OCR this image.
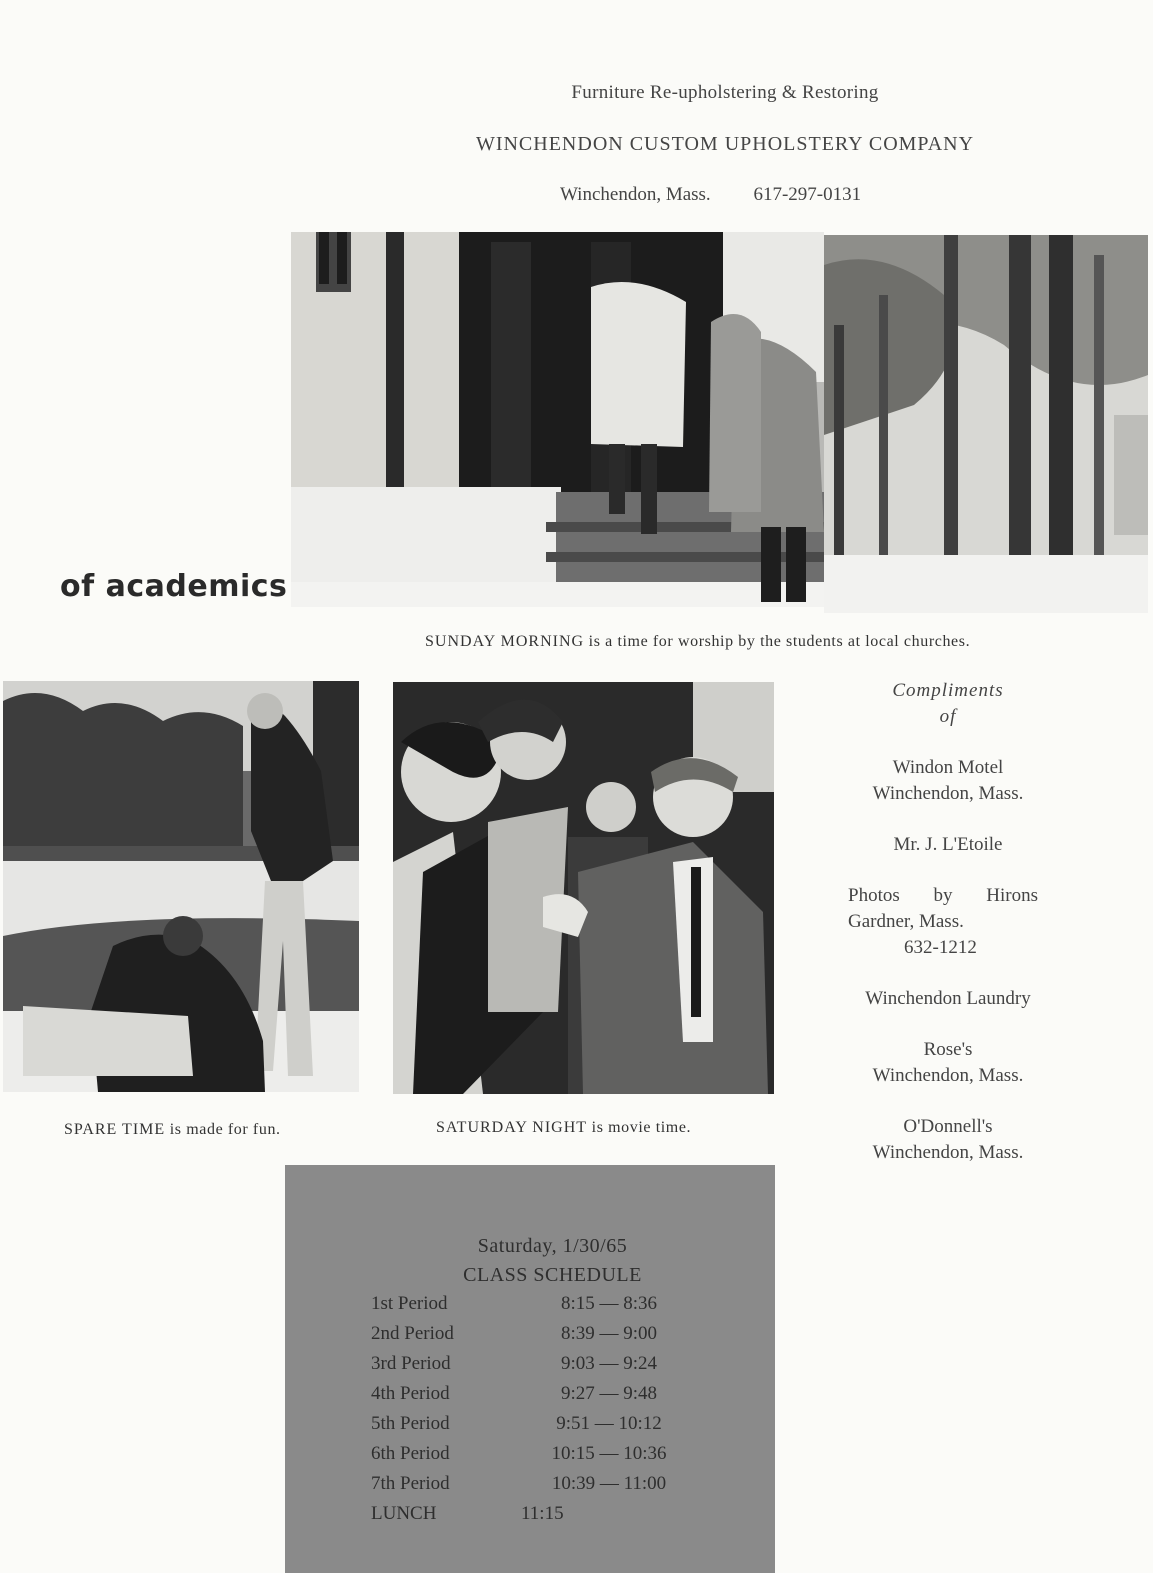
Furniture Re-upholstering & Restoring
WINCHENDON CUSTOM UPHOLSTERY COMPANY
Winchendon, Mass. 617-297-0131
of academics
SUNDAY MORNING is a time for worship by the students at local churches.
SPARE TIME is made for fun.	SATURDAY NIGHT is movie time.
Compliments
of
Windon Motel
Winchendon, Mass.
Mr. J. L'Etoile
Photos by Hirons
Gardner, Mass.
632-1212
Winchendon Laundry
Rose's
Winchendon, Mass.
O'Donnell's
Winchendon, Mass.
Saturday, 1/30/65
CLASS SCHEDULE
1st Period	8:15 — 8:36
2nd Period	8:39 — 9:00
3rd Period	9:03 — 9:24
4th Period	9:27 — 9:48
5th Period	9:51 — 10:12
6th Period	10:15 — 10:36
7th Period	10:39 — 11:00
LUNCH	11:15
